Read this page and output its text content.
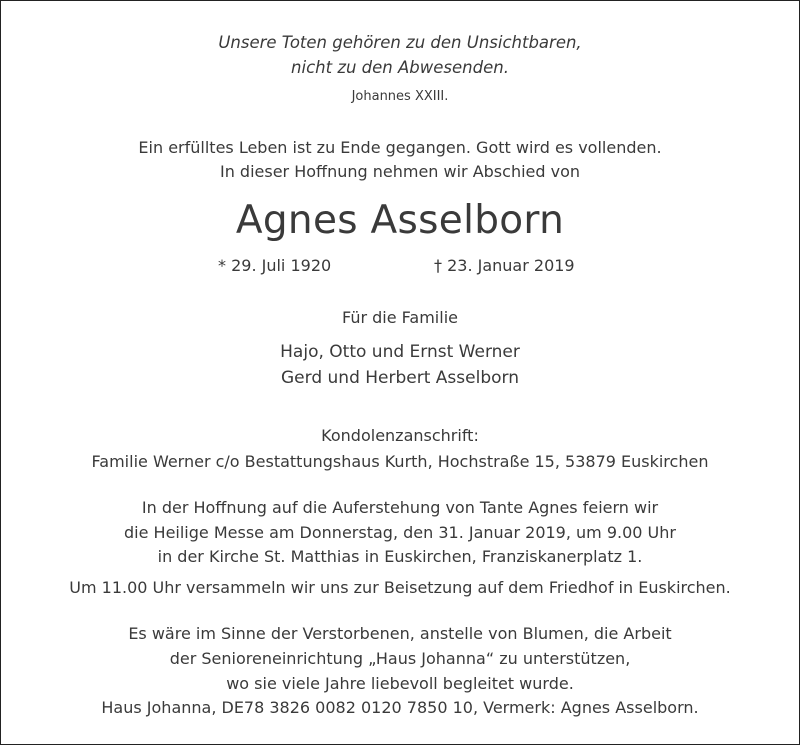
Unsere Toten gehören zu den Unsichtbaren,
nicht zu den Abwesenden.
Johannes XXIII.
Ein erfülltes Leben ist zu Ende gegangen. Gott wird es vollenden.
In dieser Hoffnung nehmen wir Abschied von
Agnes Asselborn
* 29. Juli 1920	† 23. Januar 2019
Für die Familie
Hajo, Otto und Ernst Werner
Gerd und Herbert Asselborn
Kondolenzanschrift:
Familie Werner c/o Bestattungshaus Kurth, Hochstraße 15, 53879 Euskirchen
In der Hoffnung auf die Auferstehung von Tante Agnes feiern wir
die Heilige Messe am Donnerstag, den 31. Januar 2019, um 9.00 Uhr
in der Kirche St. Matthias in Euskirchen, Franziskanerplatz 1.
Um 11.00 Uhr versammeln wir uns zur Beisetzung auf dem Friedhof in Euskirchen.
Es wäre im Sinne der Verstorbenen, anstelle von Blumen, die Arbeit
der Senioreneinrichtung „Haus Johanna“ zu unterstützen,
wo sie viele Jahre liebevoll begleitet wurde.
Haus Johanna, DE78 3826 0082 0120 7850 10, Vermerk: Agnes Asselborn.
